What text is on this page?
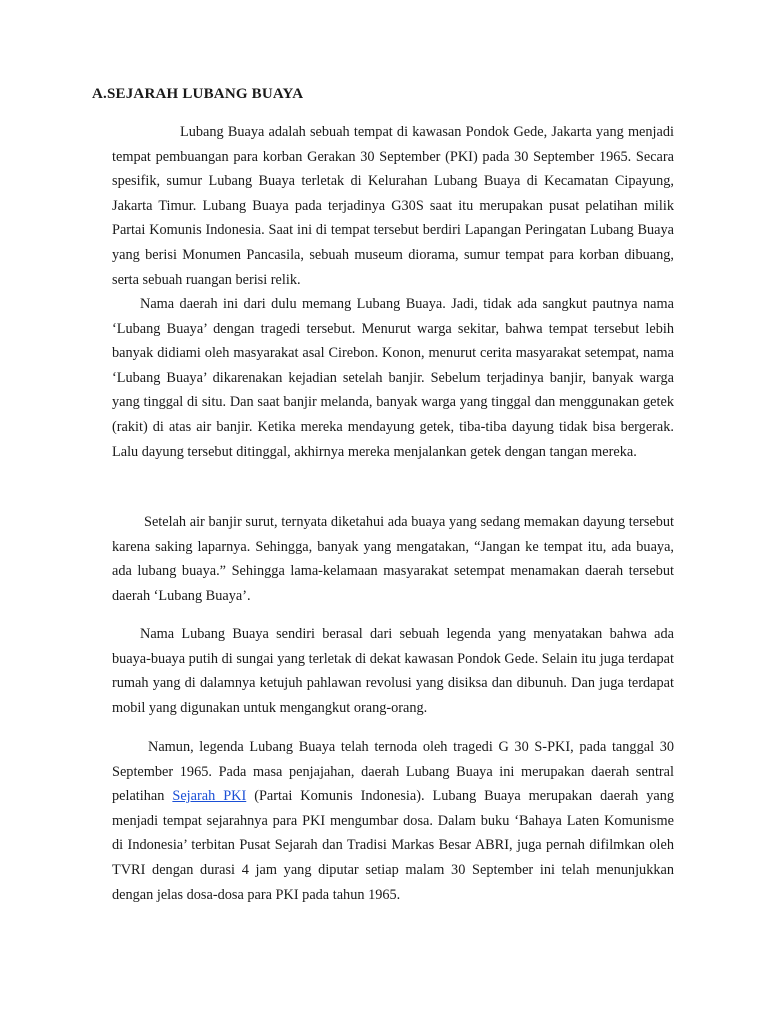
A.SEJARAH LUBANG BUAYA

Lubang Buaya adalah sebuah tempat di kawasan Pondok Gede, Jakarta yang menjadi tempat pembuangan para korban Gerakan 30 September (PKI) pada 30 September 1965. Secara spesifik, sumur Lubang Buaya terletak di Kelurahan Lubang Buaya di Kecamatan Cipayung, Jakarta Timur. Lubang Buaya pada terjadinya G30S saat itu merupakan pusat pelatihan milik Partai Komunis Indonesia. Saat ini di tempat tersebut berdiri Lapangan Peringatan Lubang Buaya yang berisi Monumen Pancasila, sebuah museum diorama, sumur tempat para korban dibuang, serta sebuah ruangan berisi relik.

Nama daerah ini dari dulu memang Lubang Buaya. Jadi, tidak ada sangkut pautnya nama ‘Lubang Buaya’ dengan tragedi tersebut. Menurut warga sekitar, bahwa tempat tersebut lebih banyak didiami oleh masyarakat asal Cirebon. Konon, menurut cerita masyarakat setempat, nama ‘Lubang Buaya’ dikarenakan kejadian setelah banjir. Sebelum terjadinya banjir, banyak warga yang tinggal di situ. Dan saat banjir melanda, banyak warga yang tinggal dan menggunakan getek (rakit) di atas air banjir. Ketika mereka mendayung getek, tiba-tiba dayung tidak bisa bergerak. Lalu dayung tersebut ditinggal, akhirnya mereka menjalankan getek dengan tangan mereka.

Setelah air banjir surut, ternyata diketahui ada buaya yang sedang memakan dayung tersebut karena saking laparnya. Sehingga, banyak yang mengatakan, “Jangan ke tempat itu, ada buaya, ada lubang buaya.” Sehingga lama-kelamaan masyarakat setempat menamakan daerah tersebut daerah ‘Lubang Buaya’.

Nama Lubang Buaya sendiri berasal dari sebuah legenda yang menyatakan bahwa ada buaya-buaya putih di sungai yang terletak di dekat kawasan Pondok Gede. Selain itu juga terdapat rumah yang di dalamnya ketujuh pahlawan revolusi yang disiksa dan dibunuh. Dan juga terdapat mobil yang digunakan untuk mengangkut orang-orang.

Namun, legenda Lubang Buaya telah ternoda oleh tragedi G 30 S-PKI, pada tanggal 30 September 1965. Pada masa penjajahan, daerah Lubang Buaya ini merupakan daerah sentral pelatihan Sejarah PKI (Partai Komunis Indonesia). Lubang Buaya merupakan daerah yang menjadi tempat sejarahnya para PKI mengumbar dosa. Dalam buku ‘Bahaya Laten Komunisme di Indonesia’ terbitan Pusat Sejarah dan Tradisi Markas Besar ABRI, juga pernah difilmkan oleh TVRI dengan durasi 4 jam yang diputar setiap malam 30 September ini telah menunjukkan dengan jelas dosa-dosa para PKI pada tahun 1965.
